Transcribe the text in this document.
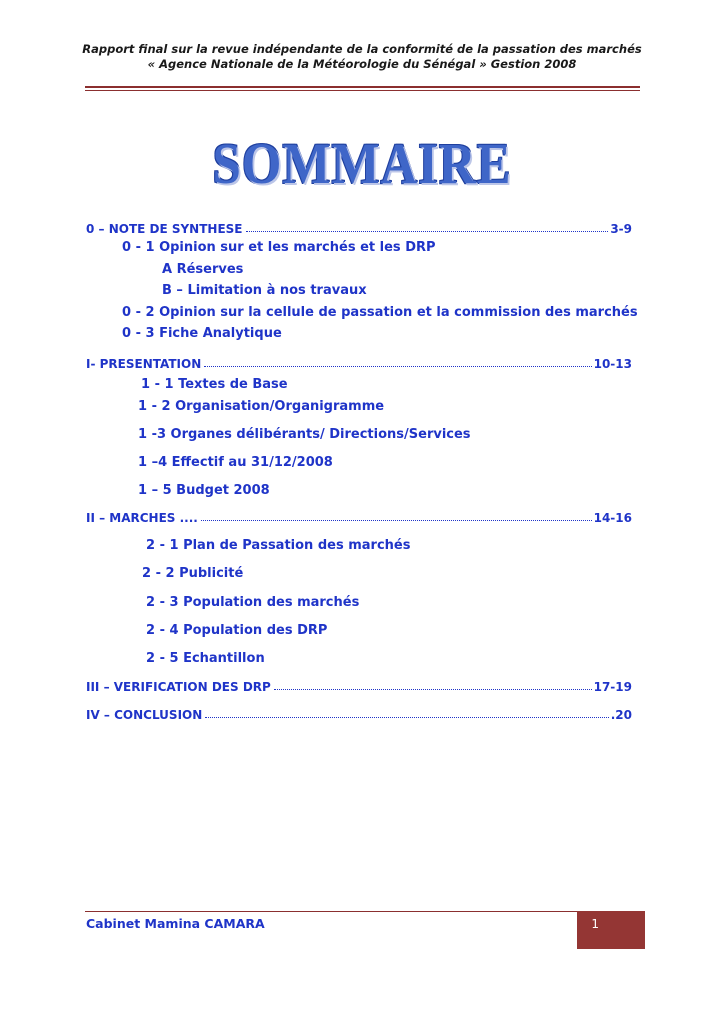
Rapport final sur la revue indépendante de la conformité de la passation des marchés
« Agence Nationale de la Météorologie du Sénégal » Gestion 2008
SOMMAIRE
0 – NOTE DE SYNTHESE	3-9
0 - 1 Opinion sur et les marchés et les DRP
A Réserves
B – Limitation à nos travaux
0 - 2 Opinion sur la cellule de passation et la commission des marchés
0 - 3 Fiche Analytique
I- PRESENTATION	10-13
1 - 1 Textes de Base
1 - 2 Organisation/Organigramme
1 -3 Organes délibérants/ Directions/Services
1 –4 Effectif au 31/12/2008
1 – 5 Budget 2008
II – MARCHES ....	14-16
2 - 1 Plan de Passation des marchés
2 - 2 Publicité
2 - 3 Population des marchés
2 - 4 Population des DRP
2 - 5 Echantillon
III – VERIFICATION DES DRP	17-19
IV – CONCLUSION	.20
Cabinet Mamina CAMARA	1
